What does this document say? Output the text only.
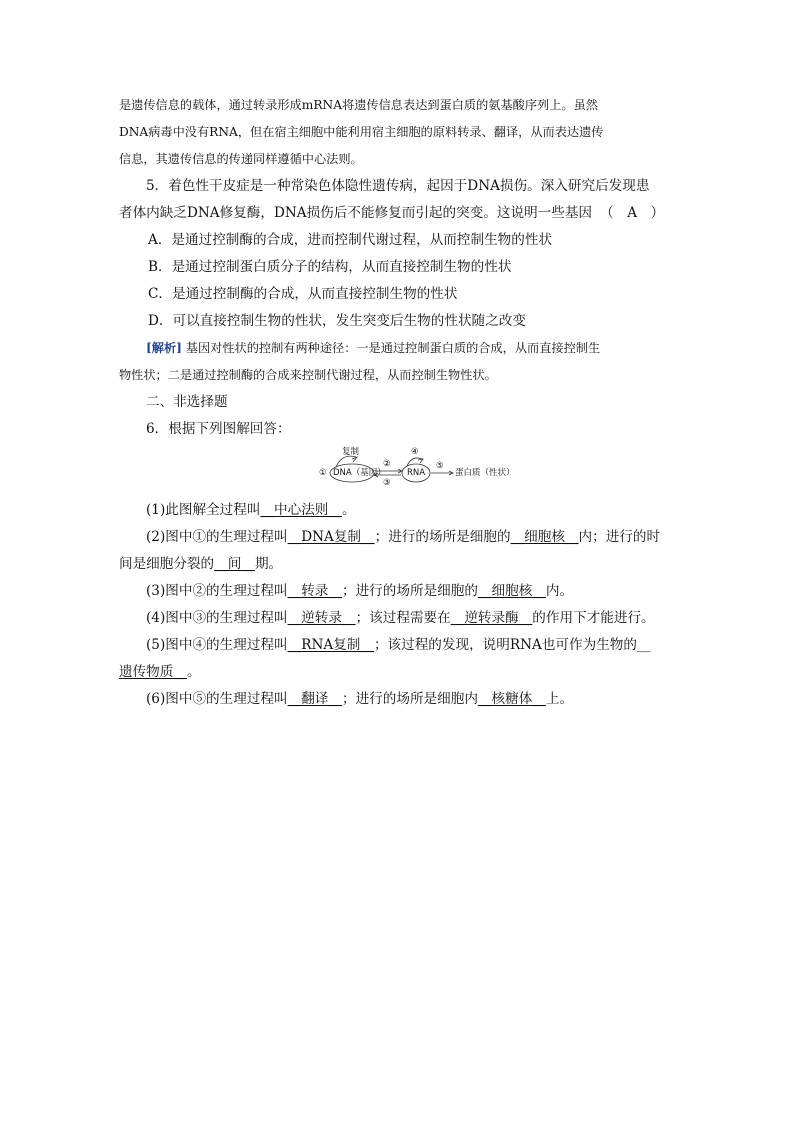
是遗传信息的载体，通过转录形成mRNA将遗传信息表达到蛋白质的氨基酸序列上。虽然

DNA病毒中没有RNA，但在宿主细胞中能利用宿主细胞的原料转录、翻译，从而表达遗传

信息，其遗传信息的传递同样遵循中心法则。

5．着色性干皮症是一种常染色体隐性遗传病，起因于DNA损伤。深入研究后发现患

者体内缺乏DNA修复酶，DNA损伤后不能修复而引起的突变。这说明一些基因 （　A　）

A．是通过控制酶的合成，进而控制代谢过程，从而控制生物的性状

B．是通过控制蛋白质分子的结构，从而直接控制生物的性状

C．是通过控制酶的合成，从而直接控制生物的性状

D．可以直接控制生物的性状，发生突变后生物的性状随之改变

[解析] 基因对性状的控制有两种途径：一是通过控制蛋白质的合成，从而直接控制生

物性状；二是通过控制酶的合成来控制代谢过程，从而控制生物性状。

二、非选择题

6．根据下列图解回答：

复制
① DNA（基因）
②
③
④
RNA
⑤
蛋白质（性状）

(1)此图解全过程叫__中心法则__。

(2)图中①的生理过程叫__DNA复制__；进行的场所是细胞的__细胞核__内；进行的时

间是细胞分裂的__间__期。

(3)图中②的生理过程叫__转录__；进行的场所是细胞的__细胞核__内。

(4)图中③的生理过程叫__逆转录__；该过程需要在__逆转录酶__的作用下才能进行。

(5)图中④的生理过程叫__RNA复制__；该过程的发现，说明RNA也可作为生物的__

遗传物质__。

(6)图中⑤的生理过程叫__翻译__；进行的场所是细胞内__核糖体__上。
